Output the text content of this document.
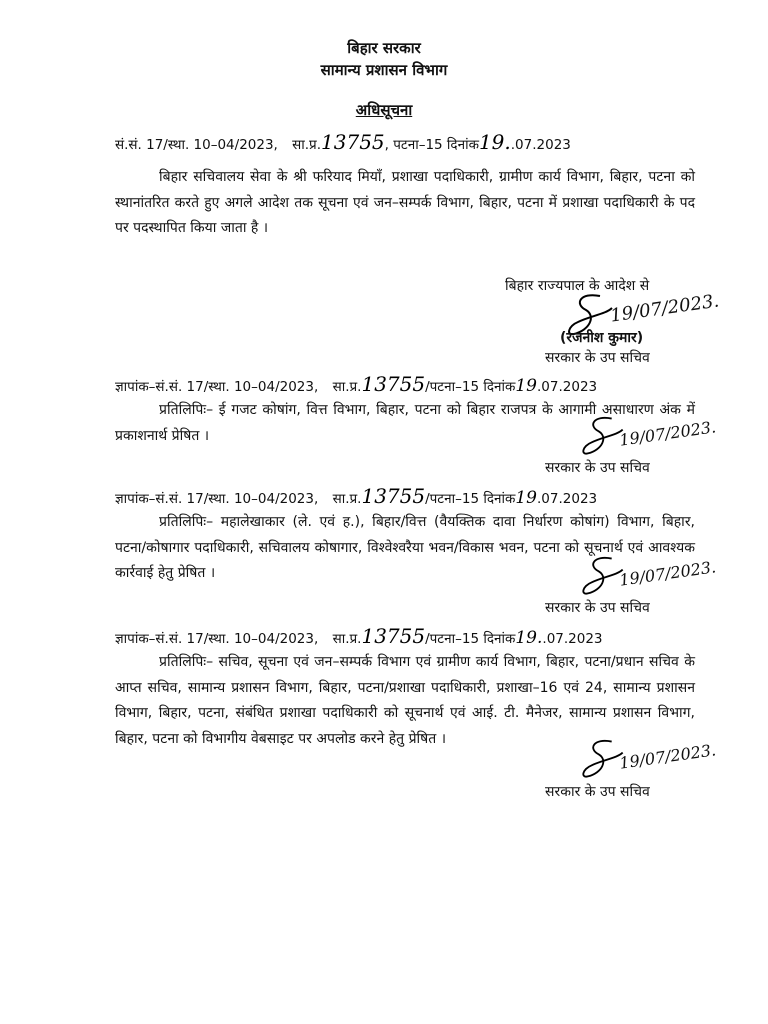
बिहार सरकार
सामान्य प्रशासन विभाग
अधिसूचना
सं.सं. 17/स्था. 10–04/2023, सा.प्र.13755, पटना–15 दिनांक19..07.2023
बिहार सचिवालय सेवा के श्री फरियाद मियाँ, प्रशाखा पदाधिकारी, ग्रामीण कार्य विभाग, बिहार, पटना को स्थानांतरित करते हुए अगले आदेश तक सूचना एवं जन–सम्पर्क विभाग, बिहार, पटना में प्रशाखा पदाधिकारी के पद पर पदस्थापित किया जाता है ।
बिहार राज्यपाल के आदेश से
19/07/2023.
(रजनीश कुमार)
सरकार के उप सचिव
ज्ञापांक–सं.सं. 17/स्था. 10–04/2023, सा.प्र.13755/पटना–15 दिनांक19.07.2023
प्रतिलिपिः– ई गजट कोषांग, वित्त विभाग, बिहार, पटना को बिहार राजपत्र के आगामी असाधारण अंक में प्रकाशनार्थ प्रेषित ।	19/07/2023.
सरकार के उप सचिव
ज्ञापांक–सं.सं. 17/स्था. 10–04/2023, सा.प्र.13755/पटना–15 दिनांक19.07.2023
प्रतिलिपिः– महालेखाकार (ले. एवं ह.), बिहार/वित्त (वैयक्तिक दावा निर्धारण कोषांग) विभाग, बिहार, पटना/कोषागार पदाधिकारी, सचिवालय कोषागार, विश्वेश्वरैया भवन/विकास भवन, पटना को सूचनार्थ एवं आवश्यक कार्रवाई हेतु प्रेषित ।	19/07/2023.
सरकार के उप सचिव
ज्ञापांक–सं.सं. 17/स्था. 10–04/2023, सा.प्र.13755/पटना–15 दिनांक19..07.2023
प्रतिलिपिः– सचिव, सूचना एवं जन–सम्पर्क विभाग एवं ग्रामीण कार्य विभाग, बिहार, पटना/प्रधान सचिव के आप्त सचिव, सामान्य प्रशासन विभाग, बिहार, पटना/प्रशाखा पदाधिकारी, प्रशाखा–16 एवं 24, सामान्य प्रशासन विभाग, बिहार, पटना, संबंधित प्रशाखा पदाधिकारी को सूचनार्थ एवं आई. टी. मैनेजर, सामान्य प्रशासन विभाग, बिहार, पटना को विभागीय वेबसाइट पर अपलोड करने हेतु प्रेषित ।
19/07/2023.
सरकार के उप सचिव
